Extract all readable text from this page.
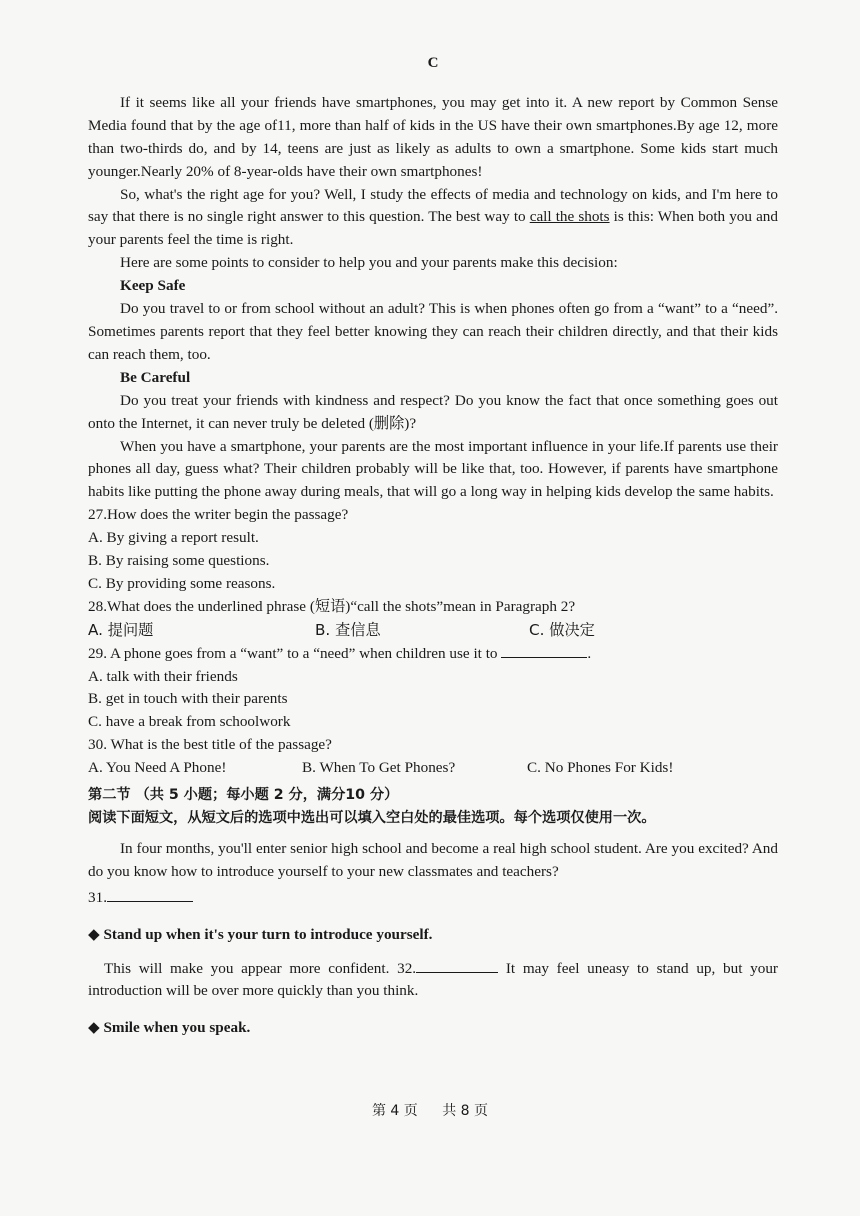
C

If it seems like all your friends have smartphones, you may get into it. A new report by Common Sense Media found that by the age of11, more than half of kids in the US have their own smartphones.By age 12, more than two-thirds do, and by 14, teens are just as likely as adults to own a smartphone. Some kids start much younger.Nearly 20% of 8-year-olds have their own smartphones!

So, what's the right age for you? Well, I study the effects of media and technology on kids, and I'm here to say that there is no single right answer to this question. The best way to call the shots is this: When both you and your parents feel the time is right.

Here are some points to consider to help you and your parents make this decision:

Keep Safe

Do you travel to or from school without an adult? This is when phones often go from a “want” to a “need”. Sometimes parents report that they feel better knowing they can reach their children directly, and that their kids can reach them, too.

Be Careful

Do you treat your friends with kindness and respect? Do you know the fact that once something goes out onto the Internet, it can never truly be deleted (删除)?

When you have a smartphone, your parents are the most important influence in your life.If parents use their phones all day, guess what? Their children probably will be like that, too. However, if parents have smartphone habits like putting the phone away during meals, that will go a long way in helping kids develop the same habits.

27.How does the writer begin the passage?

A. By giving a report result.

B. By raising some questions.

C. By providing some reasons.

28.What does the underlined phrase (短语)“call the shots”mean in Paragraph 2?

A. 提问题	B. 查信息	C. 做决定

29. A phone goes from a “want” to a “need” when children use it to	.

A. talk with their friends

B. get in touch with their parents

C. have a break from schoolwork

30. What is the best title of the passage?

A. You Need A Phone!	B. When To Get Phones?	C. No Phones For Kids!

第二节 （共 5 小题；每小题 2 分，满分10 分）

阅读下面短文，从短文后的选项中选出可以填入空白处的最佳选项。每个选项仅使用一次。

In four months, you'll enter senior high school and become a real high school student. Are you excited? And do you know how to introduce yourself to your new classmates and teachers?

31.

◆ Stand up when it's your turn to introduce yourself.

This will make you appear more confident. 32.	It may feel uneasy to stand up, but your introduction will be over more quickly than you think.

◆ Smile when you speak.

第 4 页 共 8 页
